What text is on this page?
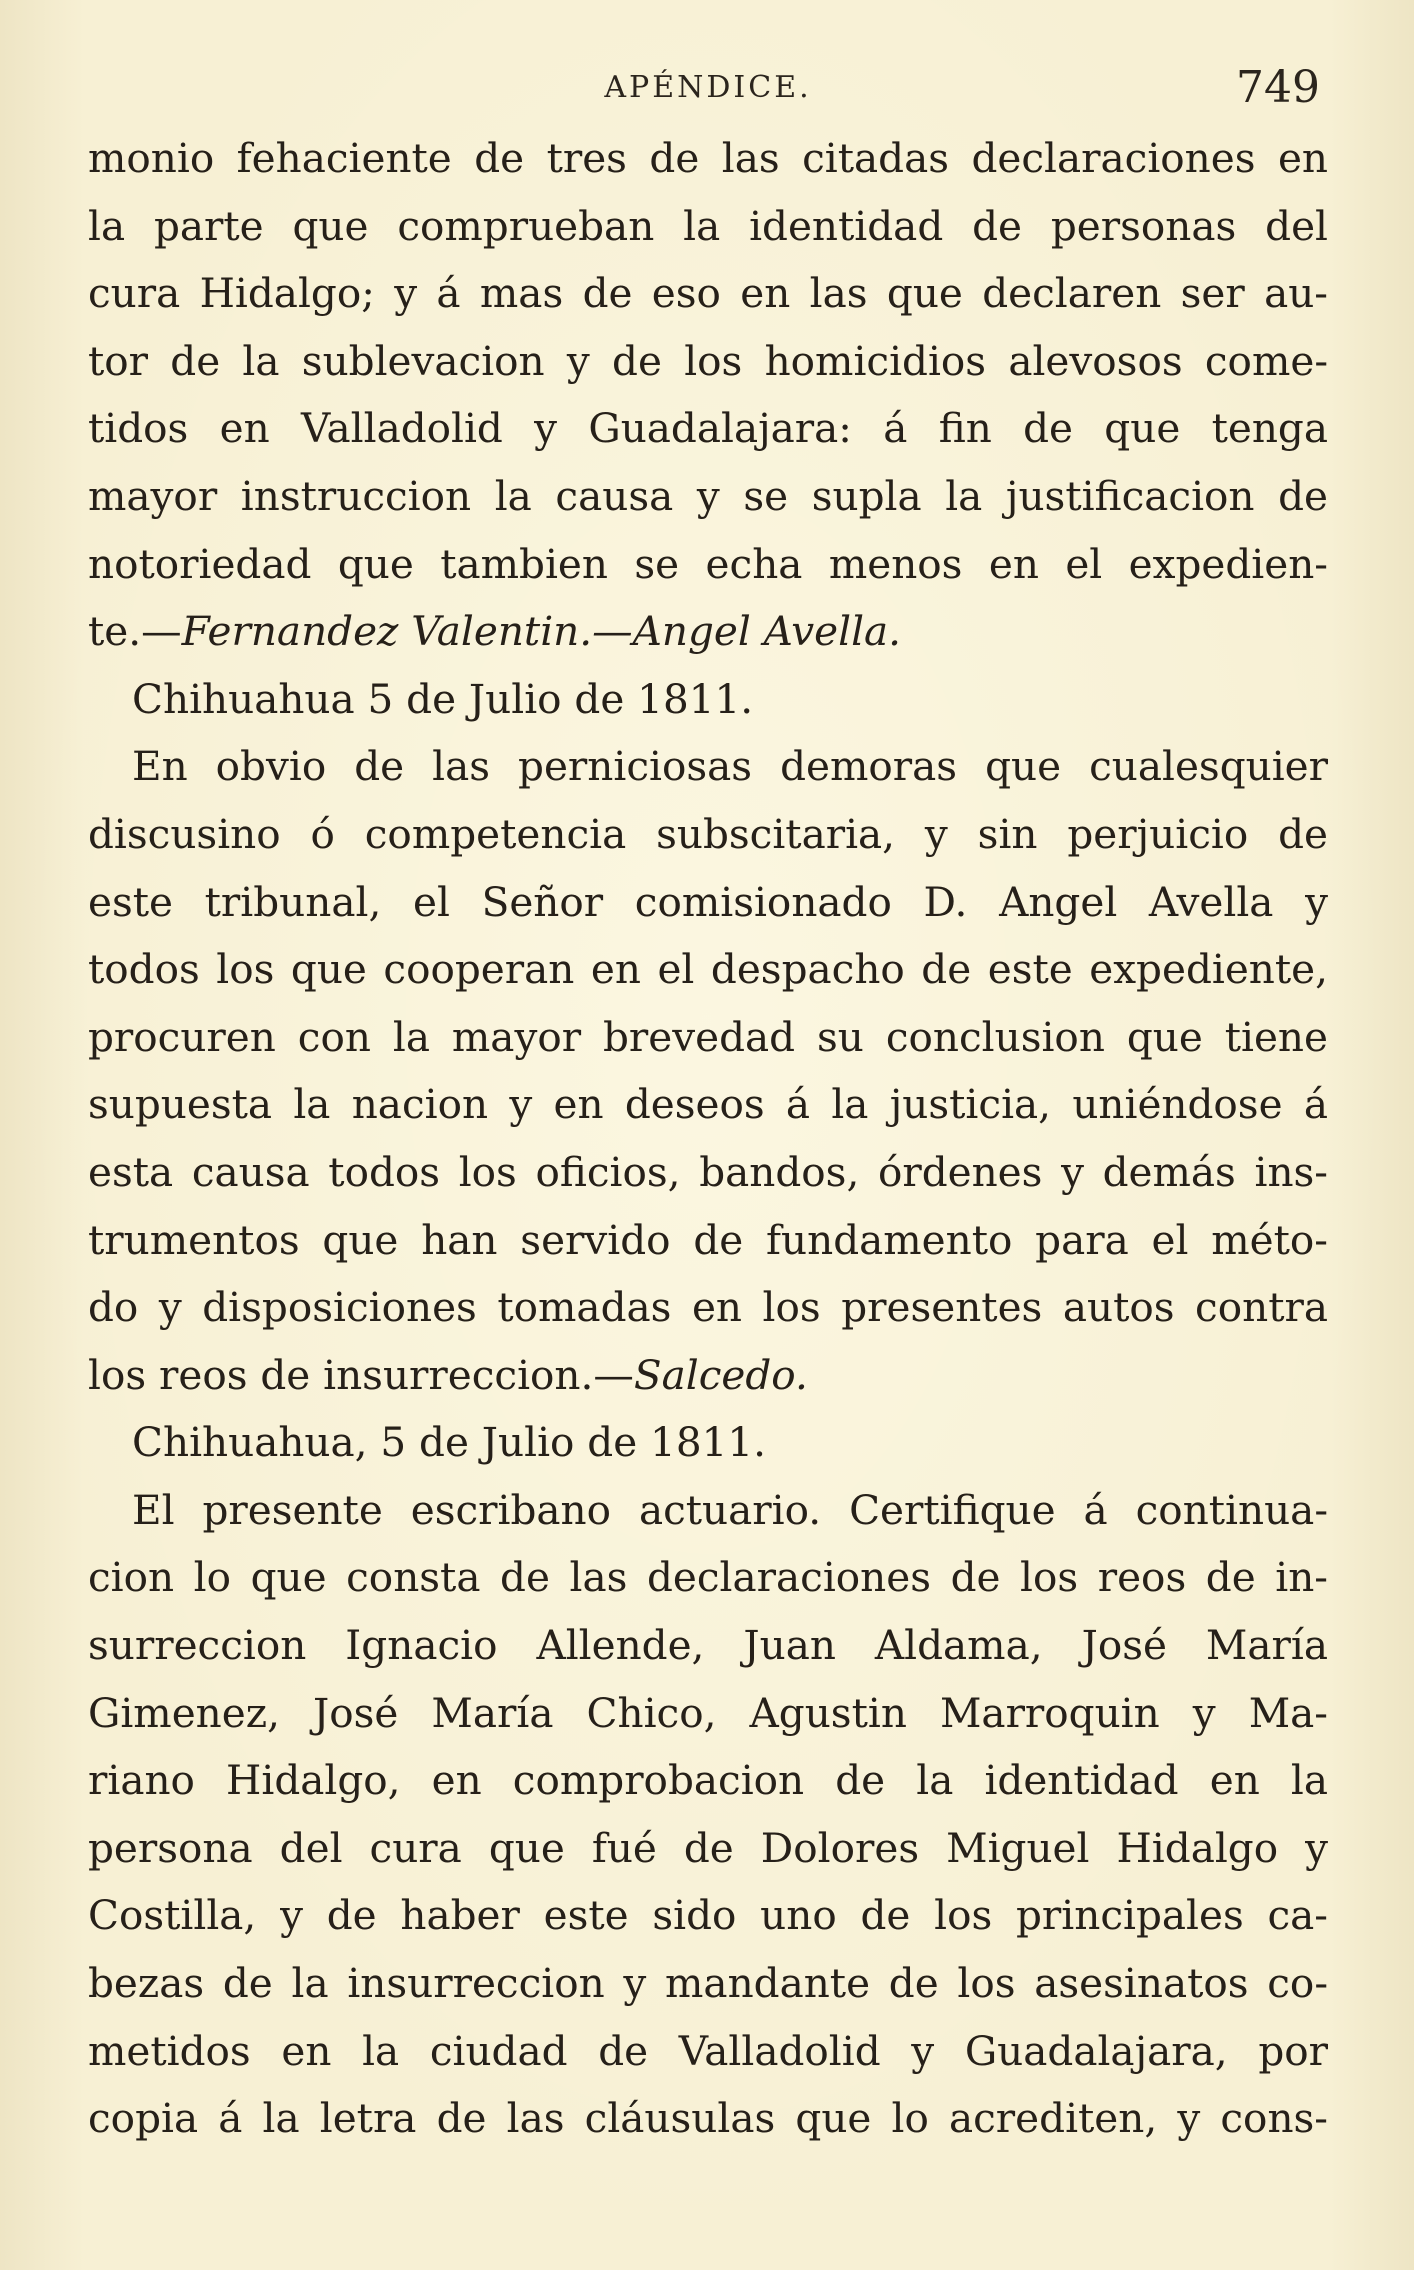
APÉNDICE.	749
monio fehaciente de tres de las citadas declaraciones en
la parte que comprueban la identidad de personas del
cura Hidalgo; y á mas de eso en las que declaren ser au-
tor de la sublevacion y de los homicidios alevosos come-
tidos en Valladolid y Guadalajara: á fin de que tenga
mayor instruccion la causa y se supla la justificacion de
notoriedad que tambien se echa menos en el expedien-
te.—Fernandez Valentin.—Angel Avella.
Chihuahua 5 de Julio de 1811.
En obvio de las perniciosas demoras que cualesquier
discusino ó competencia subscitaria, y sin perjuicio de
este tribunal, el Señor comisionado D. Angel Avella y
todos los que cooperan en el despacho de este expediente,
procuren con la mayor brevedad su conclusion que tiene
supuesta la nacion y en deseos á la justicia, uniéndose á
esta causa todos los oficios, bandos, órdenes y demás ins-
trumentos que han servido de fundamento para el méto-
do y disposiciones tomadas en los presentes autos contra
los reos de insurreccion.—Salcedo.
Chihuahua, 5 de Julio de 1811.
El presente escribano actuario. Certifique á continua-
cion lo que consta de las declaraciones de los reos de in-
surreccion Ignacio Allende, Juan Aldama, José María
Gimenez, José María Chico, Agustin Marroquin y Ma-
riano Hidalgo, en comprobacion de la identidad en la
persona del cura que fué de Dolores Miguel Hidalgo y
Costilla, y de haber este sido uno de los principales ca-
bezas de la insurreccion y mandante de los asesinatos co-
metidos en la ciudad de Valladolid y Guadalajara, por
copia á la letra de las cláusulas que lo acrediten, y cons-
